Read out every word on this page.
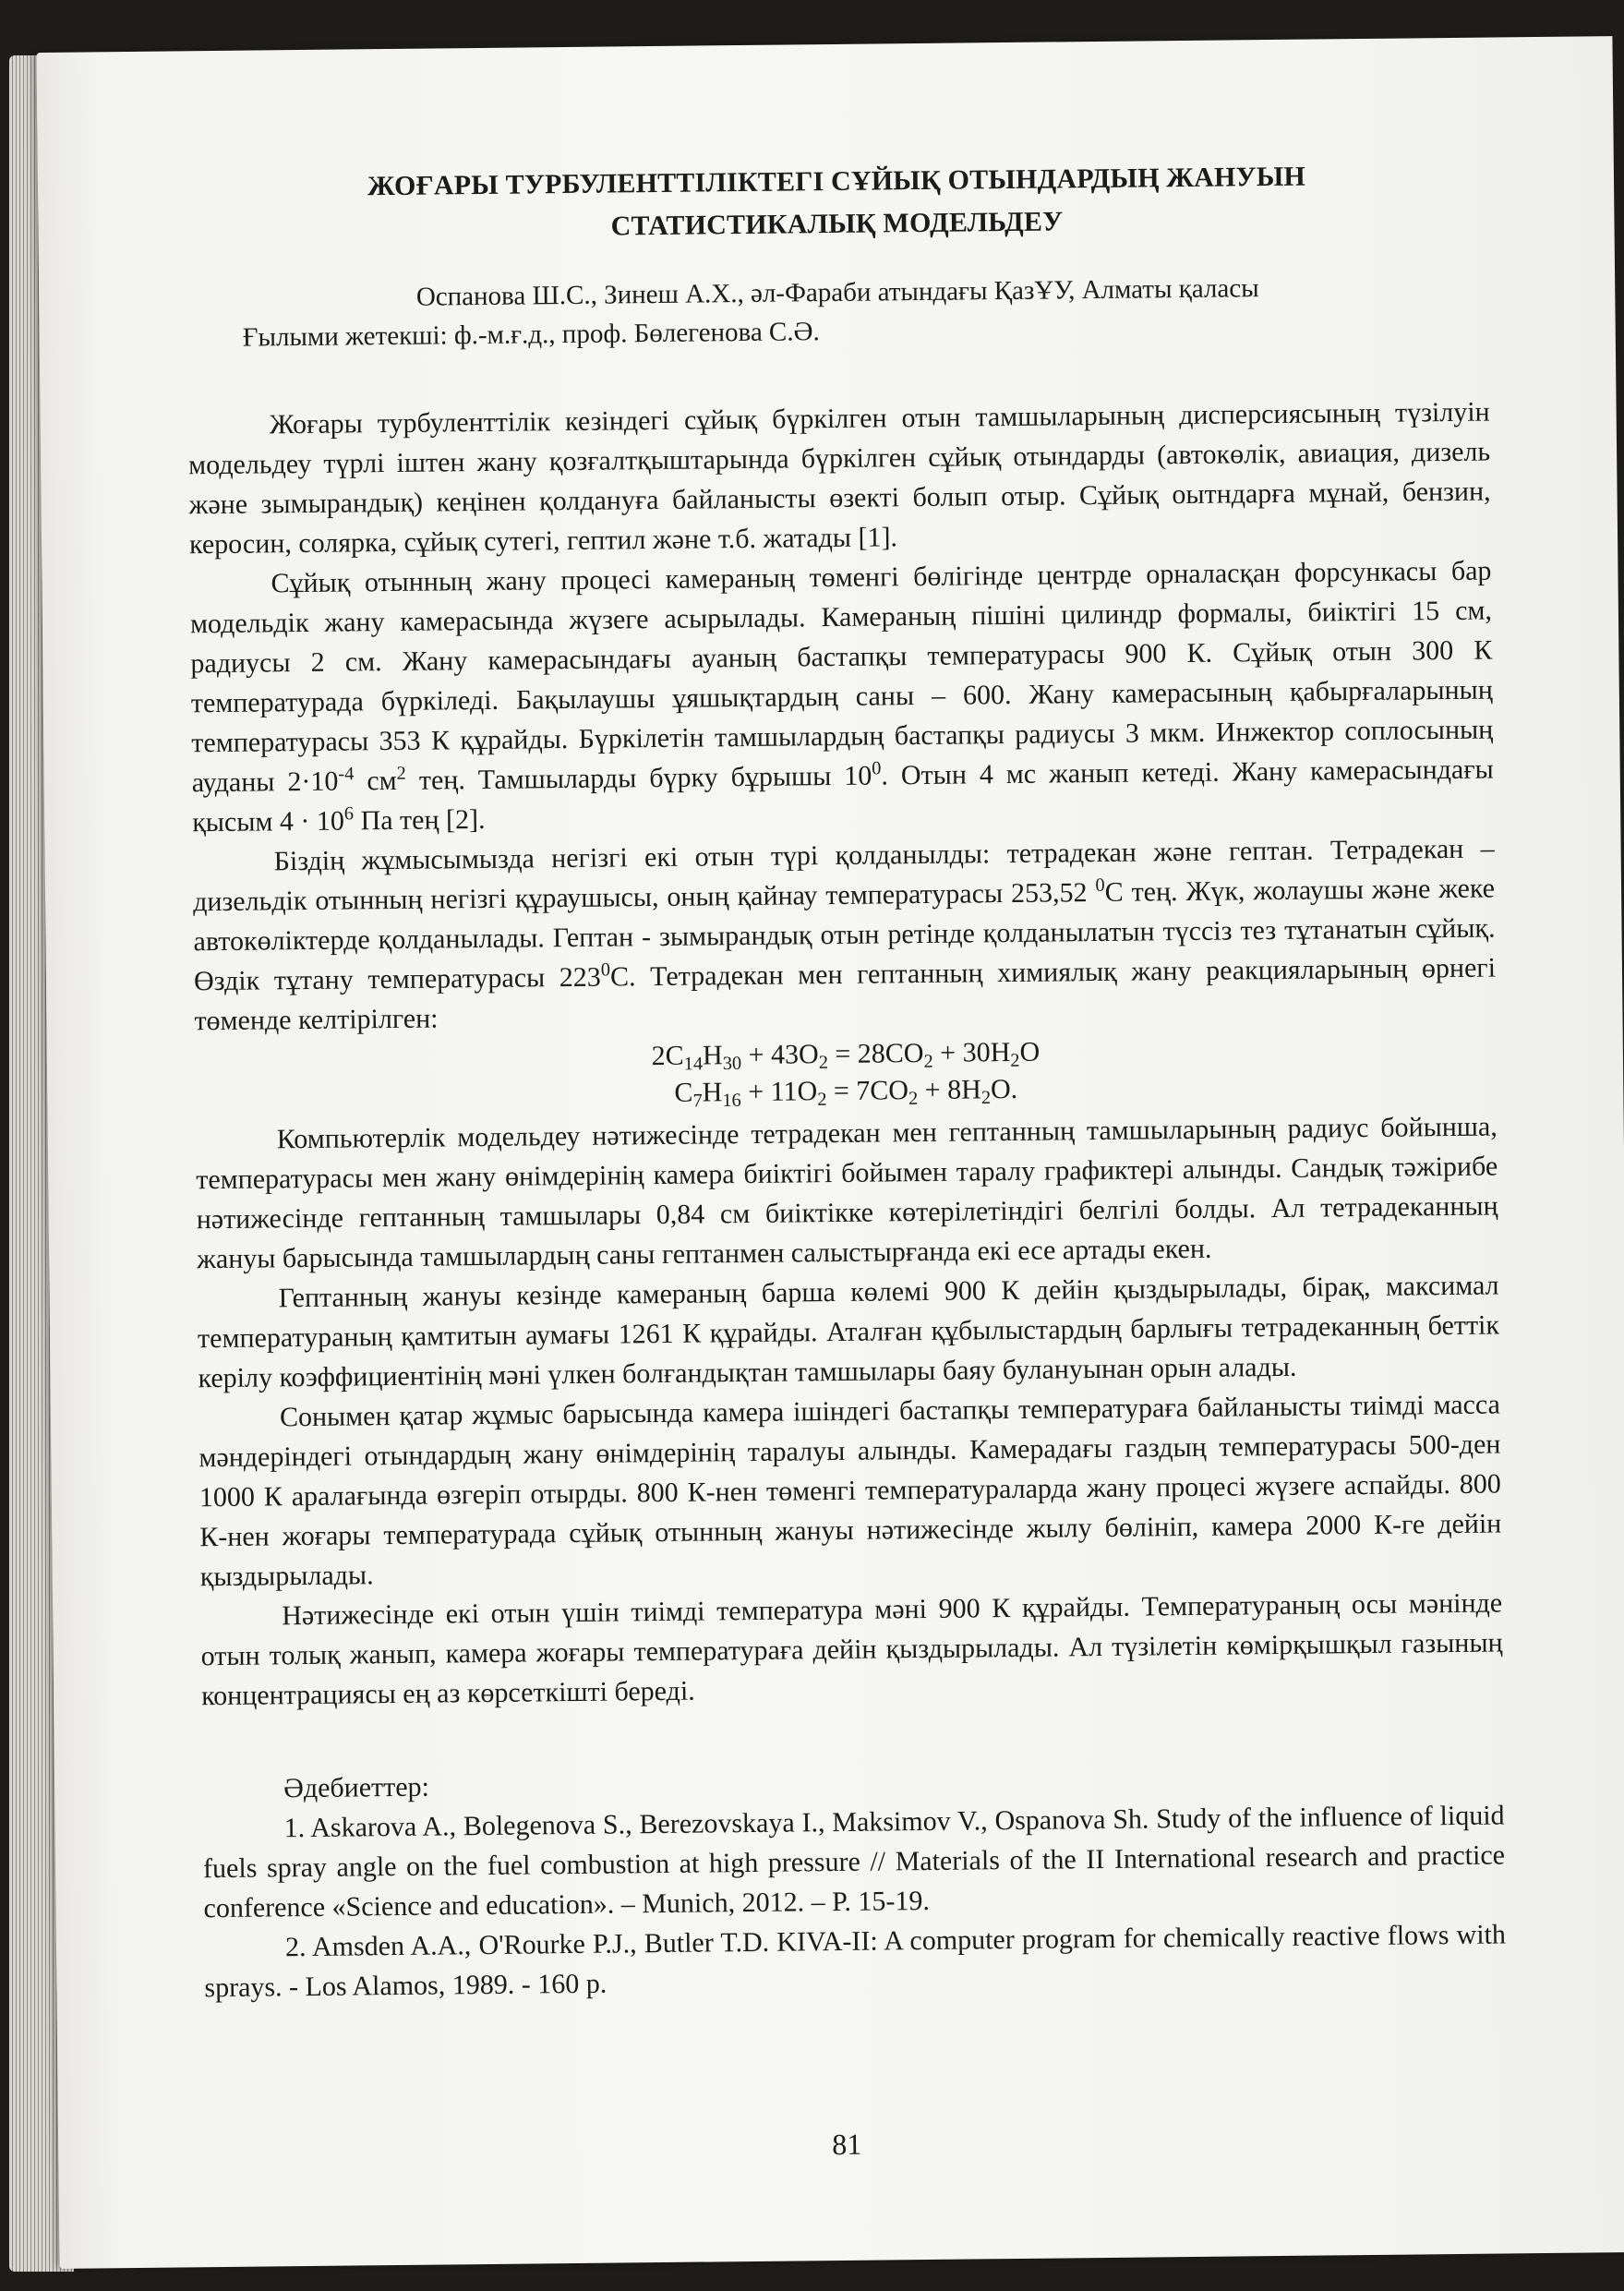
ЖОҒАРЫ ТУРБУЛЕНТТІЛІКТЕГІ СҰЙЫҚ ОТЫНДАРДЫҢ ЖАНУЫН
СТАТИСТИКАЛЫҚ МОДЕЛЬДЕУ
Оспанова Ш.С., Зинеш А.Х., әл-Фараби атындағы ҚазҰУ, Алматы қаласы
Ғылыми жетекші: ф.-м.ғ.д., проф. Бөлегенова С.Ә.

Жоғары турбуленттілік кезіндегі сұйық бүркілген отын тамшыларының дисперсиясының түзілуін модельдеу түрлі іштен жану қозғалтқыштарында бүркілген сұйық отындарды (автокөлік, авиация, дизель және зымырандық) кеңінен қолдануға байланысты өзекті болып отыр. Сұйық оытндарға мұнай, бензин, керосин, солярка, сұйық сутегі, гептил және т.б. жатады [1].

Сұйық отынның жану процесі камераның төменгі бөлігінде центрде орналасқан форсункасы бар модельдік жану камерасында жүзеге асырылады. Камераның пішіні цилиндр формалы, биіктігі 15 см, радиусы 2 см. Жану камерасындағы ауаның бастапқы температурасы 900 К. Сұйық отын 300 К температурада бүркіледі. Бақылаушы ұяшықтардың саны – 600. Жану камерасының қабырғаларының температурасы 353 К құрайды. Бүркілетін тамшылардың бастапқы радиусы 3 мкм. Инжектор соплосының ауданы $2\cdot 10^{-4}$ $см^2$ тең. Тамшыларды бүрку бұрышы $10^0$. Отын 4 мс жанып кетеді. Жану камерасындағы қысым $4 \cdot 10^6$ Па тең [2].

Біздің жұмысымызда негізгі екі отын түрі қолданылды: тетрадекан және гептан. Тетрадекан – дизельдік отынның негізгі құраушысы, оның қайнау температурасы 253,52 $^0$С тең. Жүк, жолаушы және жеке автокөліктерде қолданылады. Гептан - зымырандық отын ретінде қолданылатын түссіз тез тұтанатын сұйық. Өздік тұтану температурасы $223^0С$. Тетрадекан мен гептанның химиялық жану реакцияларының өрнегі төменде келтірілген:

$2C_{14}H_{30} + 43O_2 = 28CO_2 + 30H_2O$
$C_7H_{16} + 11O_2 = 7CO_2 + 8H_2O$.

Компьютерлік модельдеу нәтижесінде тетрадекан мен гептанның тамшыларының радиус бойынша, температурасы мен жану өнімдерінің камера биіктігі бойымен таралу графиктері алынды. Сандық тәжірибе нәтижесінде гептанның тамшылары 0,84 см биіктікке көтерілетіндігі белгілі болды. Ал тетрадеканның жануы барысында тамшылардың саны гептанмен салыстырғанда екі есе артады екен.

Гептанның жануы кезінде камераның барша көлемі 900 К дейін қыздырылады, бірақ, максимал температураның қамтитын аумағы 1261 К құрайды. Аталған құбылыстардың барлығы тетрадеканның беттік керілу коэффициентінің мәні үлкен болғандықтан тамшылары баяу булануынан орын алады.

Сонымен қатар жұмыс барысында камера ішіндегі бастапқы температураға байланысты тиімді масса мәндеріндегі отындардың жану өнімдерінің таралуы алынды. Камерадағы газдың температурасы 500-ден 1000 К аралағында өзгеріп отырды. 800 К-нен төменгі температураларда жану процесі жүзеге аспайды. 800 К-нен жоғары температурада сұйық отынның жануы нәтижесінде жылу бөлініп, камера 2000 К-ге дейін қыздырылады.

Нәтижесінде екі отын үшін тиімді температура мәні 900 К құрайды. Температураның осы мәнінде отын толық жанып, камера жоғары температураға дейін қыздырылады. Ал түзілетін көмірқышқыл газының концентрациясы ең аз көрсеткішті береді.

Әдебиеттер:

1. Askarova A., Bolegenova S., Berezovskaya I., Maksimov V., Ospanova Sh. Study of the influence of liquid fuels spray angle on the fuel combustion at high pressure // Materials of the II International research and practice conference «Science and education». – Munich, 2012. – P. 15-19.

2. Amsden A.A., O'Rourke P.J., Butler T.D. KIVA-II: A computer program for chemically reactive flows with sprays. - Los Alamos, 1989. - 160 p.

81
